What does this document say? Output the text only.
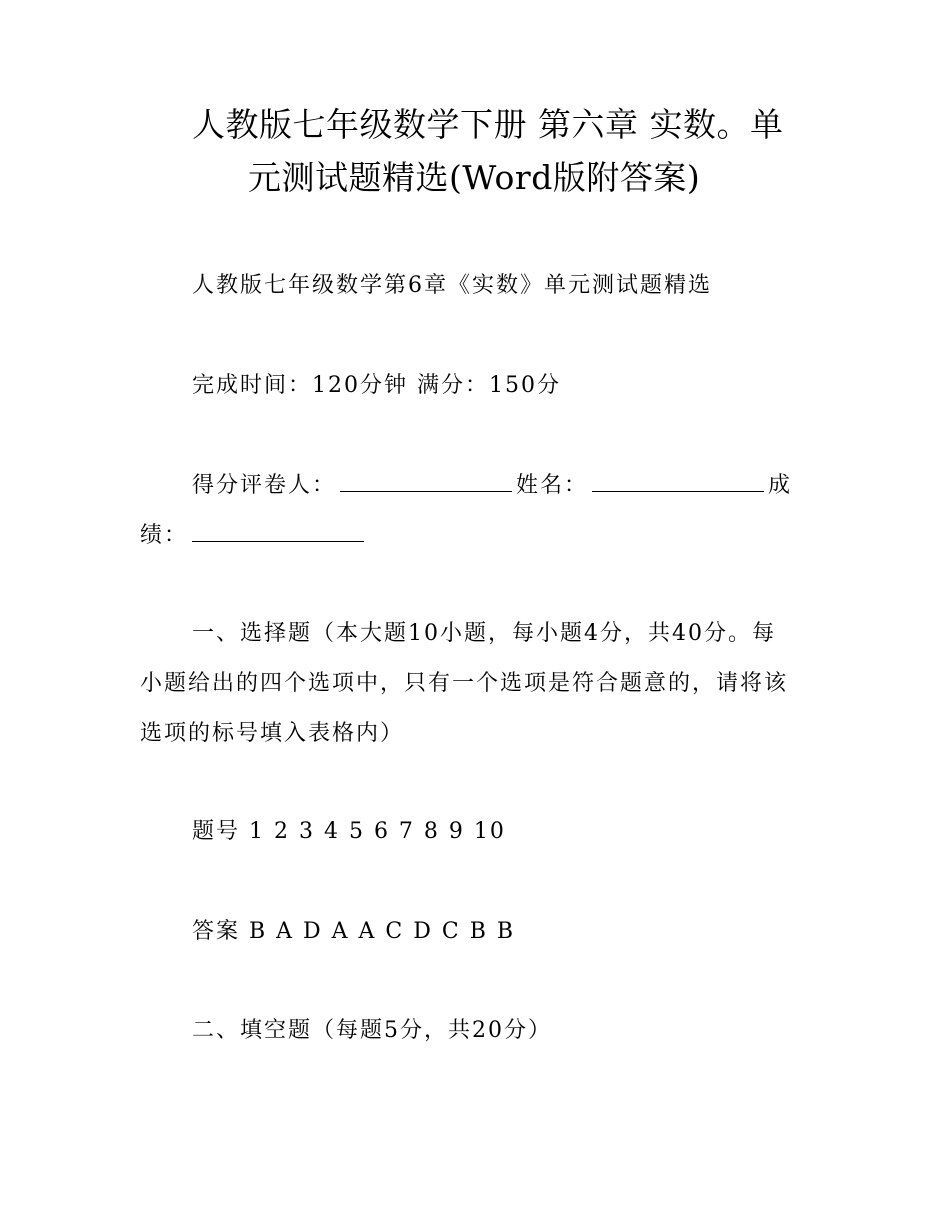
人教版七年级数学下册 第六章 实数。单
元测试题精选(Word版附答案)
人教版七年级数学第6章《实数》单元测试题精选
完成时间：120分钟 满分：150分
得分评卷人：	姓名：	成
绩：
一、选择题（本大题10小题，每小题4分，共40分。每
小题给出的四个选项中，只有一个选项是符合题意的，请将该
选项的标号填入表格内）
题号 1 2 3 4 5 6 7 8 9 10
答案 B A D A A C D C B B
二、填空题（每题5分，共20分）
